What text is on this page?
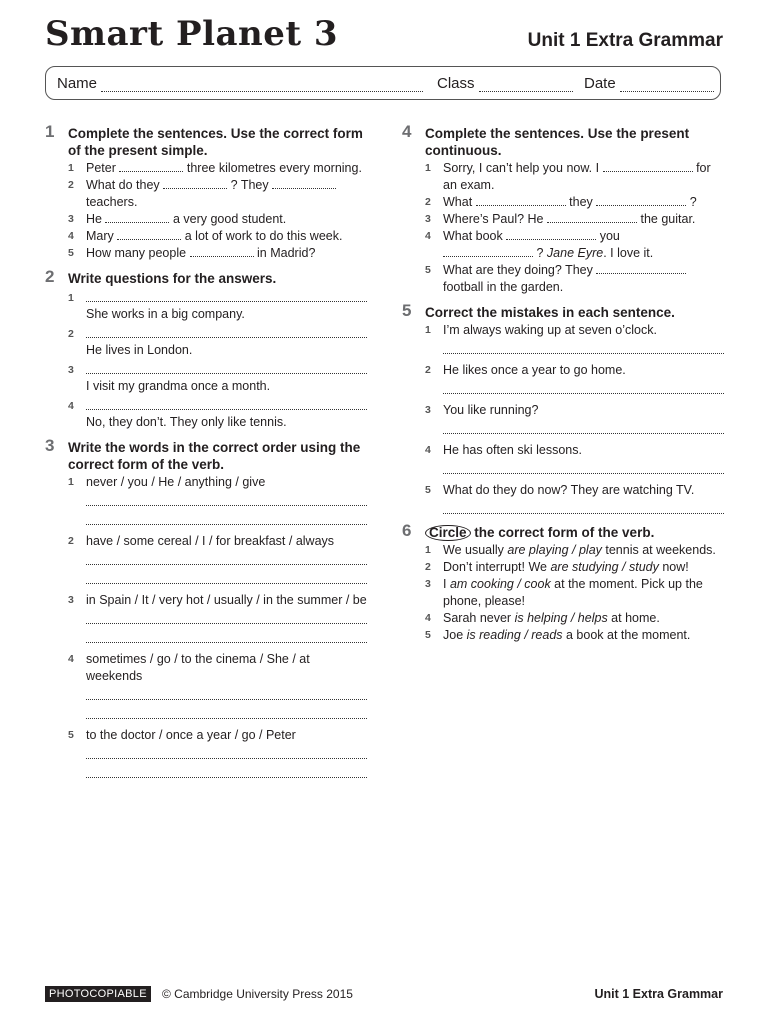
Smart Planet 3	Unit 1 Extra Grammar
Name	Class	Date
1 Complete the sentences. Use the correct form of the present simple.
1 Peter	three kilometres every morning.
2 What do they	? They  teachers.
3 He	a very good student.
4 Mary	a lot of work to do this week.
5 How many people	in Madrid?
2 Write questions for the answers.
1
She works in a big company.
2
He lives in London.
3
I visit my grandma once a month.
4
No, they don’t. They only like tennis.
3 Write the words in the correct order using the correct form of the verb.
1 never / you / He / anything / give
2 have / some cereal / I / for breakfast / always
3 in Spain / It / very hot / usually / in the summer / be
4 sometimes / go / to the cinema / She / at weekends
5 to the doctor / once a year / go / Peter
4 Complete the sentences. Use the present continuous.
1 Sorry, I can’t help you now. I	for an exam.
2 What	they	?
3 Where’s Paul? He	the guitar.
4 What book	you
? Jane Eyre. I love it.
5 What are they doing? They  football in the garden.
5 Correct the mistakes in each sentence.
1 I’m always waking up at seven o’clock.
2 He likes once a year to go home.
3 You like running?
4 He has often ski lessons.
5 What do they do now? They are watching TV.
6 Circle the correct form of the verb.
1 We usually are playing / play tennis at weekends.
2 Don’t interrupt! We are studying / study now!
3 I am cooking / cook at the moment. Pick up the phone, please!
4 Sarah never is helping / helps at home.
5 Joe is reading / reads a book at the moment.
PHOTOCOPIABLE	© Cambridge University Press 2015	Unit 1 Extra Grammar
